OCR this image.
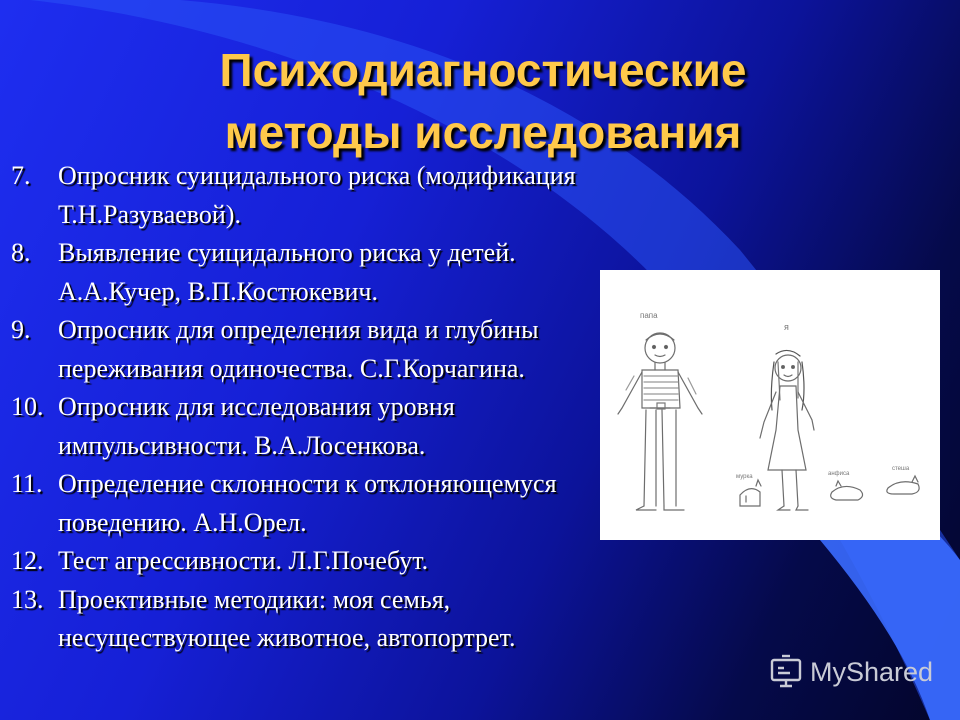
Психодиагностические
методы исследования
7. Опросник суицидального риска (модификация Т.Н.Разуваевой).
8. Выявление суицидального риска у детей. А.А.Кучер, В.П.Костюкевич.
9. Опросник для определения вида и глубины переживания одиночества. С.Г.Корчагина.
10. Опросник для исследования уровня импульсивности. В.А.Лосенкова.
11. Определение склонности к отклоняющемуся поведению. А.Н.Орел.
12. Тест агрессивности. Л.Г.Почебут.
13. Проективные методики: моя семья, несуществующее животное, автопортрет.
папа
я
мурка	анфиса
стеша
MyShared
